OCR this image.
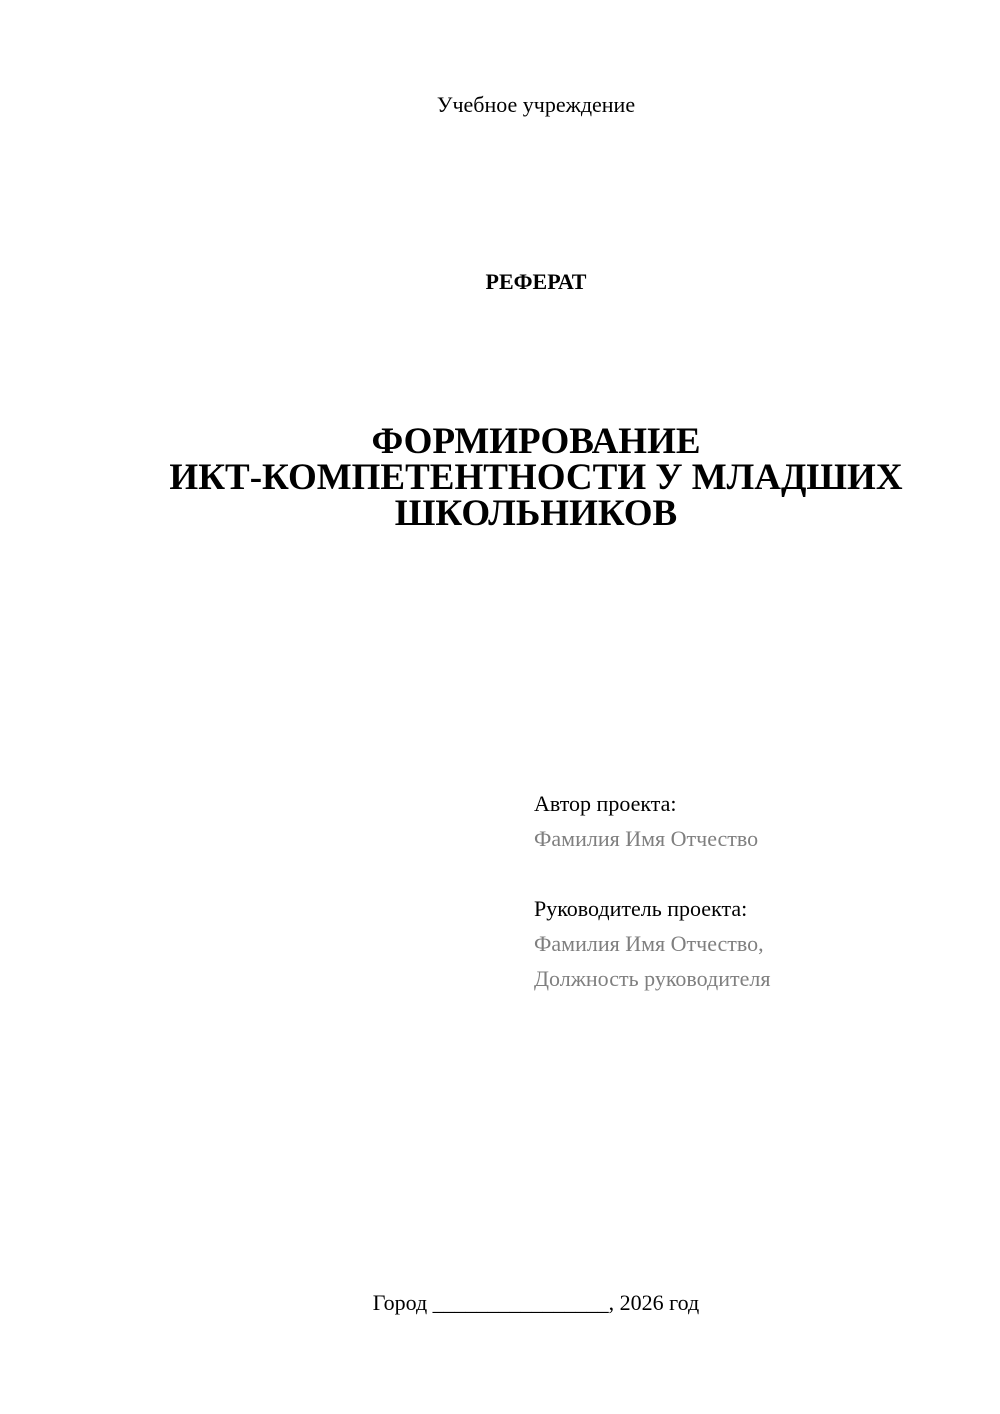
Учебное учреждение
РЕФЕРАТ
ФОРМИРОВАНИЕ
ИКТ-КОМПЕТЕНТНОСТИ У МЛАДШИХ
ШКОЛЬНИКОВ
Автор проекта:
Фамилия Имя Отчество
Руководитель проекта:
Фамилия Имя Отчество,
Должность руководителя
Город ________________, 2026 год
